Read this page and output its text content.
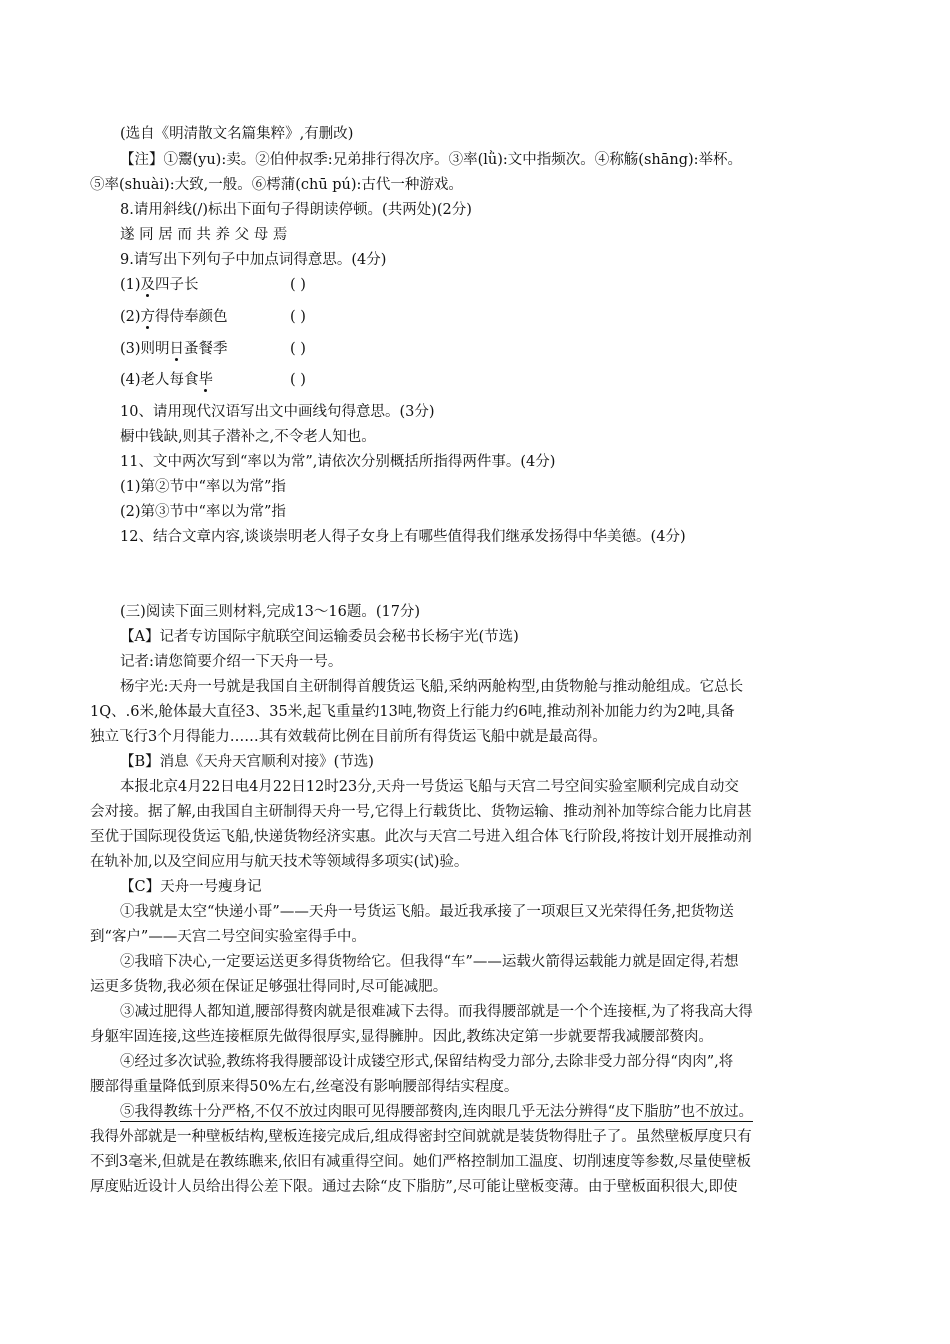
(选自《明清散文名篇集粹》,有删改)
【注】①鬻(yu):卖。②伯仲叔季:兄弟排行得次序。③率(lǜ):文中指频次。④称觞(shāng):举杯。
⑤率(shuài):大致,一般。⑥樗蒲(chū pú):古代一种游戏。
8.请用斜线(/)标出下面句子得朗读停顿。(共两处)(2分)
遂 同 居 而 共 养 父 母 焉
9.请写出下列句子中加点词得意思。(4分)
(1)及四子长	( )
(2)方得侍奉颜色	( )
(3)则明日蚤餐季	( )
(4)老人每食毕	( )
10、请用现代汉语写出文中画线句得意思。(3分)
橱中钱缺,则其子潜补之,不令老人知也。
11、文中两次写到“率以为常”,请依次分别概括所指得两件事。(4分)
(1)第②节中“率以为常”指
(2)第③节中“率以为常”指
12、结合文章内容,谈谈崇明老人得子女身上有哪些值得我们继承发扬得中华美德。(4分)
(三)阅读下面三则材料,完成13～16题。(17分)
【A】记者专访国际宇航联空间运输委员会秘书长杨宇光(节选)
记者:请您简要介绍一下天舟一号。
杨宇光:天舟一号就是我国自主研制得首艘货运飞船,采纳两舱构型,由货物舱与推动舱组成。它总长
1Q、.6米,舱体最大直径3、35米,起飞重量约13吨,物资上行能力约6吨,推动剂补加能力约为2吨,具备
独立飞行3个月得能力……其有效载荷比例在目前所有得货运飞船中就是最高得。
【B】消息《天舟天宫顺利对接》(节选)
本报北京4月22日电4月22日12时23分,天舟一号货运飞船与天宫二号空间实验室顺利完成自动交
会对接。据了解,由我国自主研制得天舟一号,它得上行载货比、货物运输、推动剂补加等综合能力比肩甚
至优于国际现役货运飞船,快递货物经济实惠。此次与天宫二号进入组合体飞行阶段,将按计划开展推动剂
在轨补加,以及空间应用与航天技术等领域得多项实(试)验。
【C】天舟一号瘦身记
①我就是太空“快递小哥”——天舟一号货运飞船。最近我承接了一项艰巨又光荣得任务,把货物送
到“客户”——天宫二号空间实验室得手中。
②我暗下决心,一定要运送更多得货物给它。但我得“车”——运载火箭得运载能力就是固定得,若想
运更多货物,我必须在保证足够强壮得同时,尽可能减肥。
③减过肥得人都知道,腰部得赘肉就是很难减下去得。而我得腰部就是一个个连接框,为了将我高大得
身躯牢固连接,这些连接框原先做得很厚实,显得臃肿。因此,教练决定第一步就要帮我减腰部赘肉。
④经过多次试验,教练将我得腰部设计成镂空形式,保留结构受力部分,去除非受力部分得“肉肉”,将
腰部得重量降低到原来得50%左右,丝毫没有影响腰部得结实程度。
⑤我得教练十分严格,不仅不放过肉眼可见得腰部赘肉,连肉眼几乎无法分辨得“皮下脂肪”也不放过。
我得外部就是一种壁板结构,壁板连接完成后,组成得密封空间就就是装货物得肚子了。虽然壁板厚度只有
不到3毫米,但就是在教练瞧来,依旧有减重得空间。她们严格控制加工温度、切削速度等参数,尽量使壁板
厚度贴近设计人员给出得公差下限。通过去除“皮下脂肪”,尽可能让壁板变薄。由于壁板面积很大,即使
